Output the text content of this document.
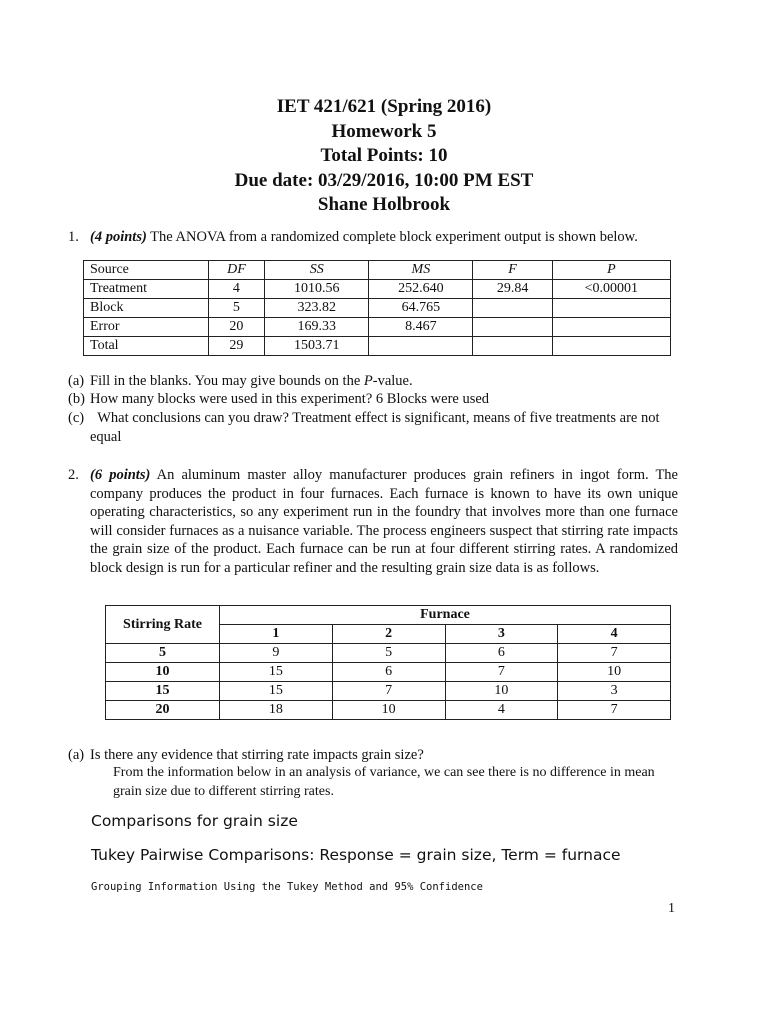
IET 421/621 (Spring 2016)
Homework 5
Total Points: 10
Due date: 03/29/2016, 10:00 PM EST
Shane Holbrook
1. (4 points) The ANOVA from a randomized complete block experiment output is shown below.
Source	DF	SS	MS	F	P
Treatment	4	1010.56	252.640	29.84	<0.00001
Block	5	323.82	64.765		
Error	20	169.33	8.467		
Total	29	1503.71			
(a) Fill in the blanks. You may give bounds on the P-value.
(b) How many blocks were used in this experiment? 6 Blocks were used
(c) What conclusions can you draw? Treatment effect is significant, means of five treatments are not equal
2. (6 points) An aluminum master alloy manufacturer produces grain refiners in ingot form. The company produces the product in four furnaces. Each furnace is known to have its own unique operating characteristics, so any experiment run in the foundry that involves more than one furnace will consider furnaces as a nuisance variable. The process engineers suspect that stirring rate impacts the grain size of the product. Each furnace can be run at four different stirring rates. A randomized block design is run for a particular refiner and the resulting grain size data is as follows.
Stirring Rate	Furnace			
	1	2	3	4
5	9	5	6	7
10	15	6	7	10
15	15	7	10	3
20	18	10	4	7
(a) Is there any evidence that stirring rate impacts grain size?
From the information below in an analysis of variance, we can see there is no difference in mean grain size due to different stirring rates.
Comparisons for grain size
Tukey Pairwise Comparisons: Response = grain size, Term = furnace
Grouping Information Using the Tukey Method and 95% Confidence
1
